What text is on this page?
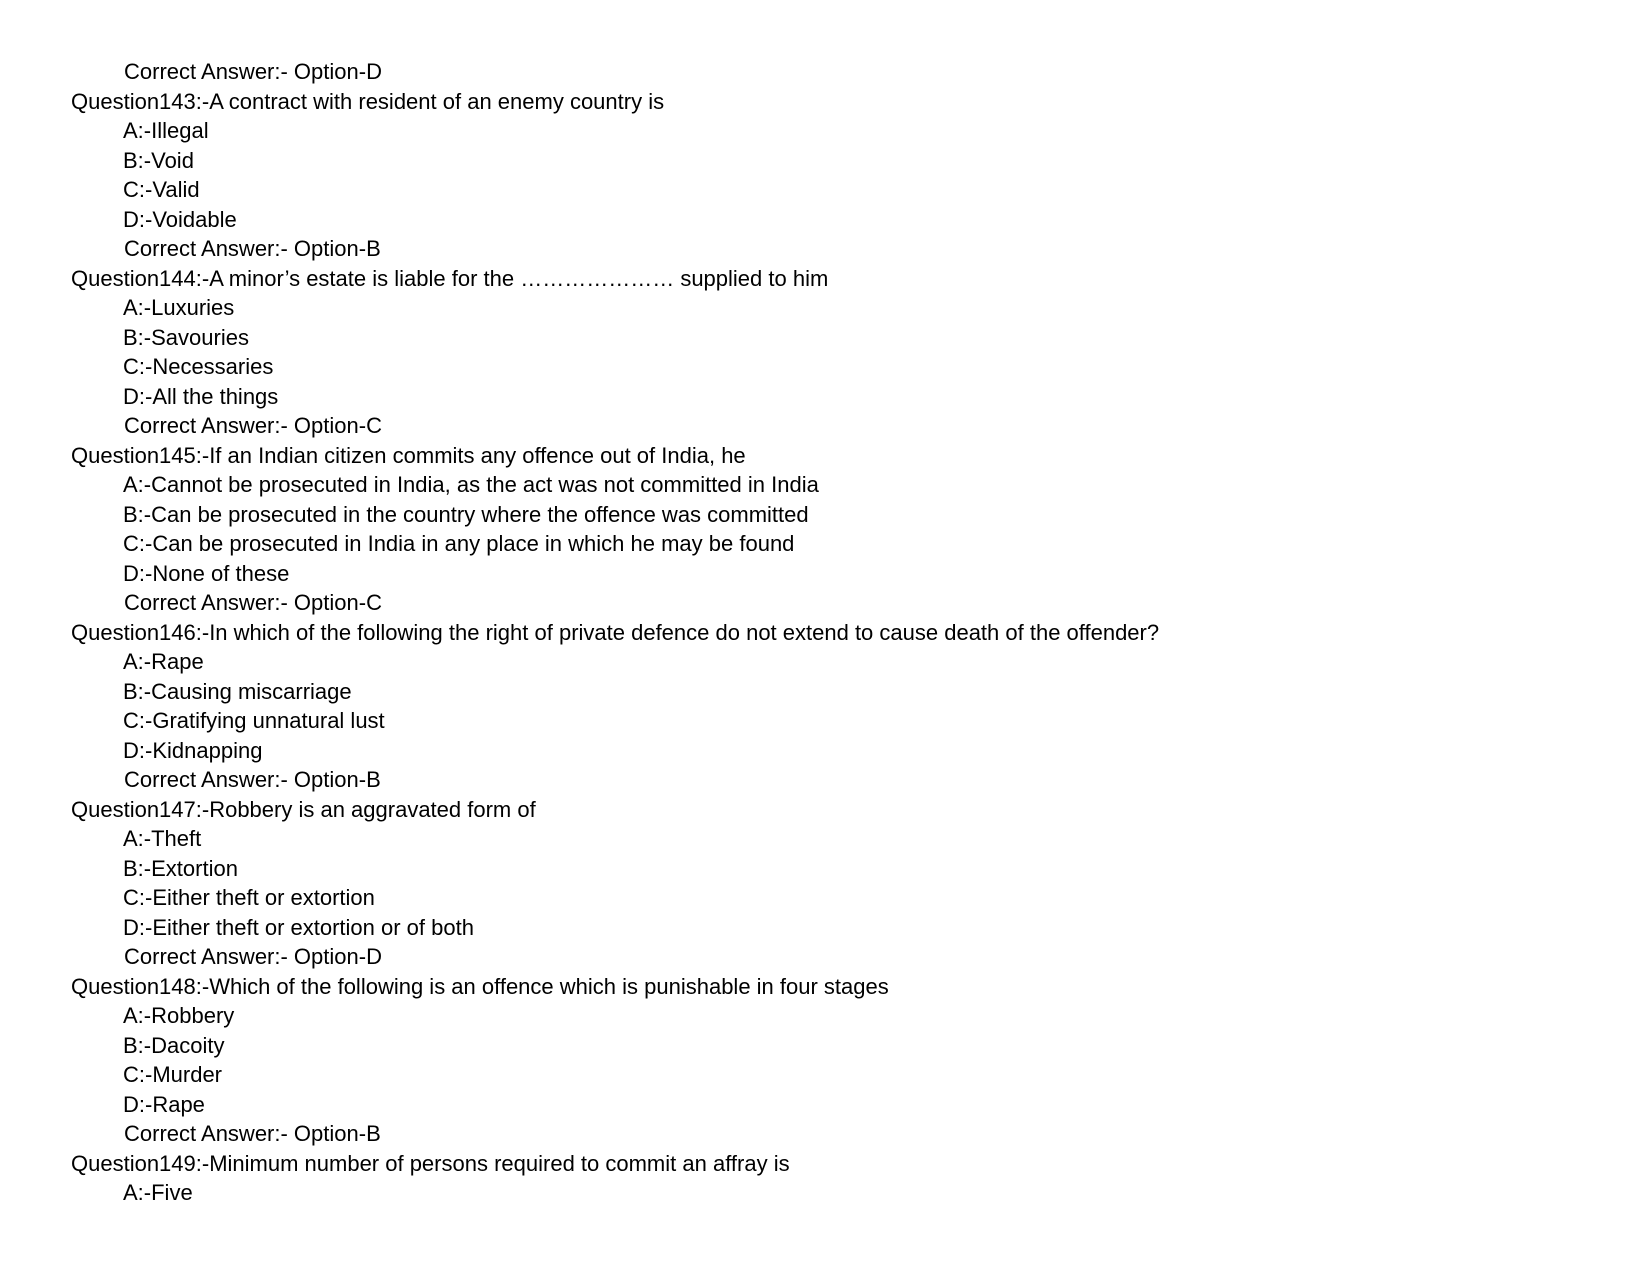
Correct Answer:- Option-D
Question143:-A contract with resident of an enemy country is
A:-Illegal
B:-Void
C:-Valid
D:-Voidable
Correct Answer:- Option-B
Question144:-A minor’s estate is liable for the ………………… supplied to him
A:-Luxuries
B:-Savouries
C:-Necessaries
D:-All the things
Correct Answer:- Option-C
Question145:-If an Indian citizen commits any offence out of India, he
A:-Cannot be prosecuted in India, as the act was not committed in India
B:-Can be prosecuted in the country where the offence was committed
C:-Can be prosecuted in India in any place in which he may be found
D:-None of these
Correct Answer:- Option-C
Question146:-In which of the following the right of private defence do not extend to cause death of the offender?
A:-Rape
B:-Causing miscarriage
C:-Gratifying unnatural lust
D:-Kidnapping
Correct Answer:- Option-B
Question147:-Robbery is an aggravated form of
A:-Theft
B:-Extortion
C:-Either theft or extortion
D:-Either theft or extortion or of both
Correct Answer:- Option-D
Question148:-Which of the following is an offence which is punishable in four stages
A:-Robbery
B:-Dacoity
C:-Murder
D:-Rape
Correct Answer:- Option-B
Question149:-Minimum number of persons required to commit an affray is
A:-Five
